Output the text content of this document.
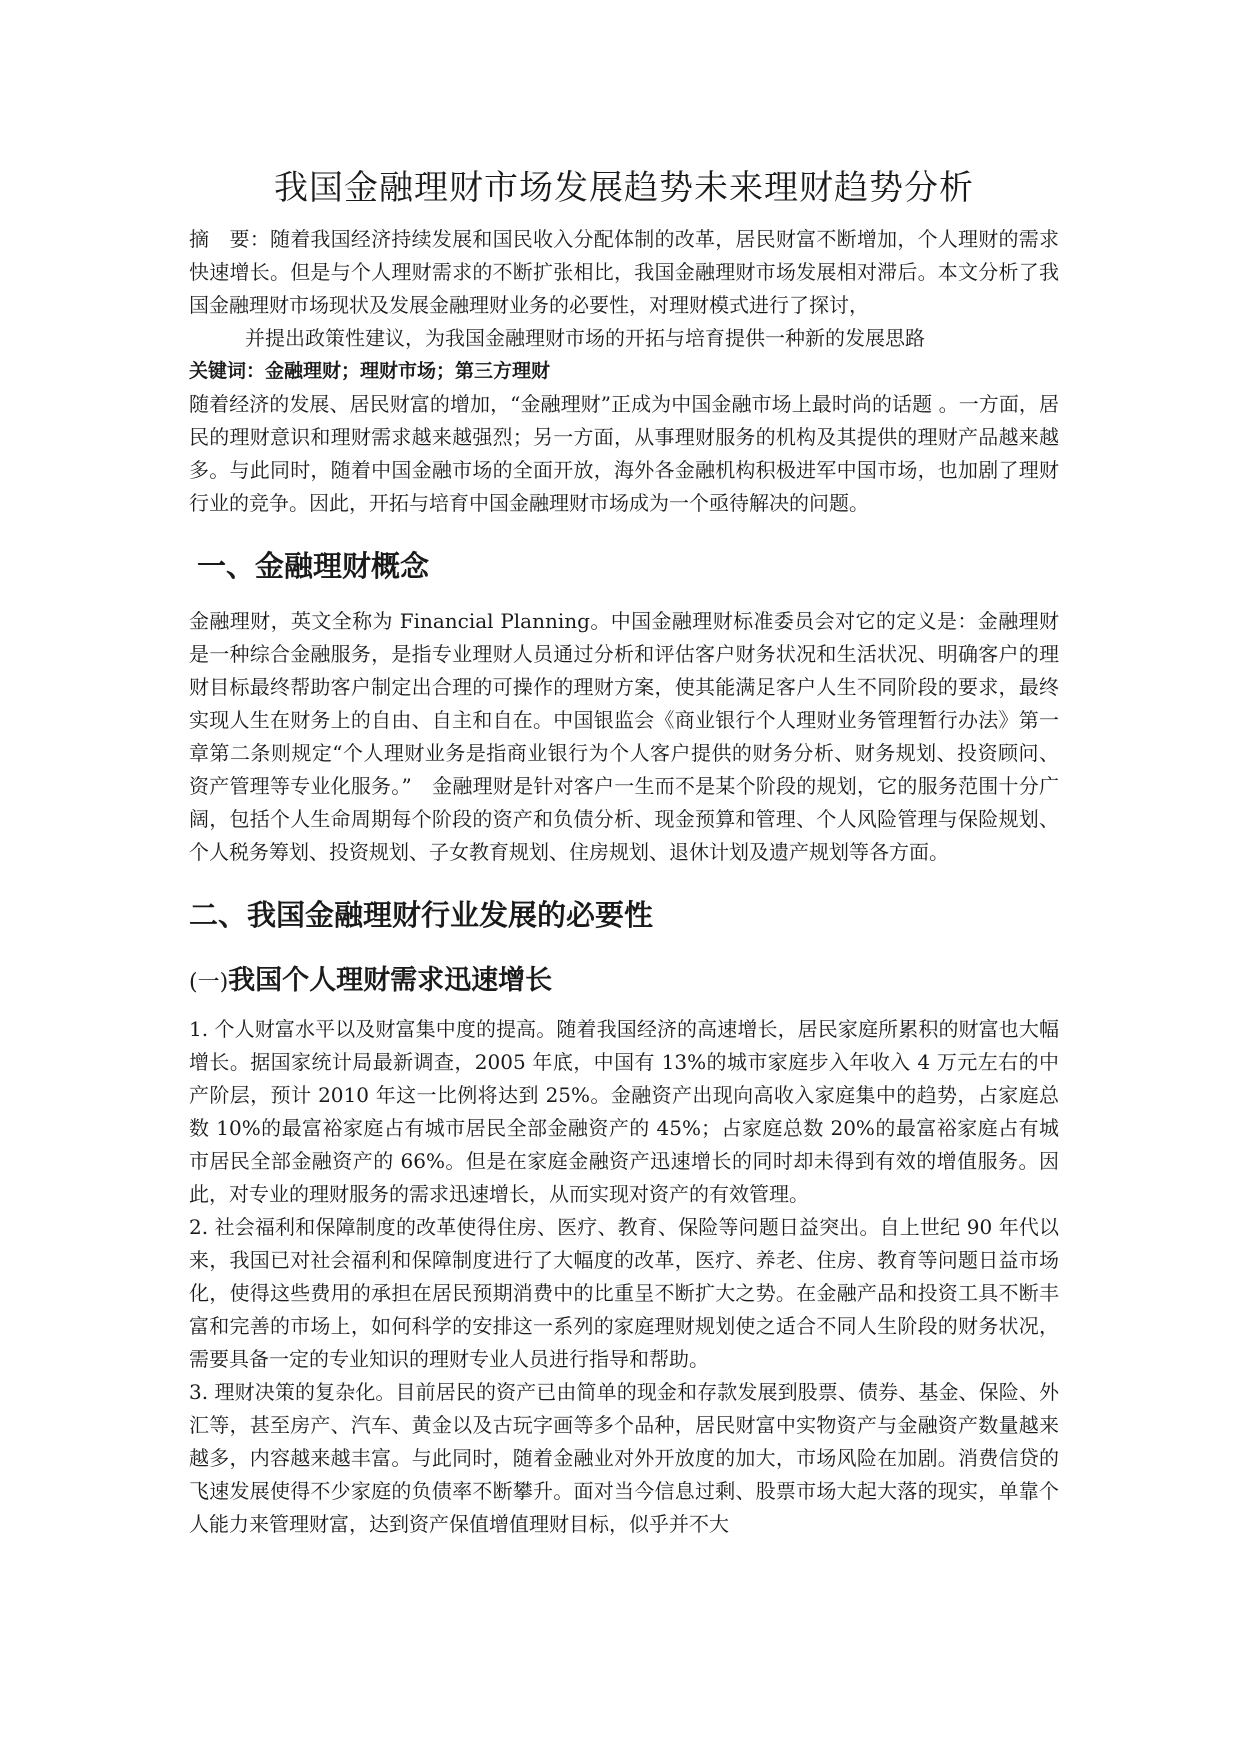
我国金融理财市场发展趋势未来理财趋势分析

摘　要：随着我国经济持续发展和国民收入分配体制的改革，居民财富不断增加，个人理财的需求快速增长。但是与个人理财需求的不断扩张相比，我国金融理财市场发展相对滞后。本文分析了我国金融理财市场现状及发展金融理财业务的必要性，对理财模式进行了探讨，

并提出政策性建议，为我国金融理财市场的开拓与培育提供一种新的发展思路

关键词：金融理财；理财市场；第三方理财

随着经济的发展、居民财富的增加，“金融理财”正成为中国金融市场上最时尚的话题 。一方面，居民的理财意识和理财需求越来越强烈；另一方面，从事理财服务的机构及其提供的理财产品越来越多。与此同时，随着中国金融市场的全面开放，海外各金融机构积极进军中国市场，也加剧了理财行业的竞争。因此，开拓与培育中国金融理财市场成为一个亟待解决的问题。

一、金融理财概念

金融理财，英文全称为 Financial Planning。中国金融理财标准委员会对它的定义是：金融理财是一种综合金融服务，是指专业理财人员通过分析和评估客户财务状况和生活状况、明确客户的理财目标最终帮助客户制定出合理的可操作的理财方案，使其能满足客户人生不同阶段的要求，最终实现人生在财务上的自由、自主和自在。中国银监会《商业银行个人理财业务管理暂行办法》第一章第二条则规定“个人理财业务是指商业银行为个人客户提供的财务分析、财务规划、投资顾问、资产管理等专业化服务。”　金融理财是针对客户一生而不是某个阶段的规划，它的服务范围十分广阔，包括个人生命周期每个阶段的资产和负债分析、现金预算和管理、个人风险管理与保险规划、个人税务筹划、投资规划、子女教育规划、住房规划、退休计划及遗产规划等各方面。

二、我国金融理财行业发展的必要性
(一)我国个人理财需求迅速增长

1. 个人财富水平以及财富集中度的提高。随着我国经济的高速增长，居民家庭所累积的财富也大幅增长。据国家统计局最新调查，2005 年底，中国有 13%的城市家庭步入年收入 4 万元左右的中产阶层，预计 2010 年这一比例将达到 25%。金融资产出现向高收入家庭集中的趋势，占家庭总数 10%的最富裕家庭占有城市居民全部金融资产的 45%；占家庭总数 20%的最富裕家庭占有城市居民全部金融资产的 66%。但是在家庭金融资产迅速增长的同时却未得到有效的增值服务。因此，对专业的理财服务的需求迅速增长，从而实现对资产的有效管理。

2. 社会福利和保障制度的改革使得住房、医疗、教育、保险等问题日益突出。自上世纪 90 年代以来，我国已对社会福利和保障制度进行了大幅度的改革，医疗、养老、住房、教育等问题日益市场化，使得这些费用的承担在居民预期消费中的比重呈不断扩大之势。在金融产品和投资工具不断丰富和完善的市场上，如何科学的安排这一系列的家庭理财规划使之适合不同人生阶段的财务状况，需要具备一定的专业知识的理财专业人员进行指导和帮助。

3. 理财决策的复杂化。目前居民的资产已由简单的现金和存款发展到股票、债券、基金、保险、外汇等，甚至房产、汽车、黄金以及古玩字画等多个品种，居民财富中实物资产与金融资产数量越来越多，内容越来越丰富。与此同时，随着金融业对外开放度的加大，市场风险在加剧。消费信贷的飞速发展使得不少家庭的负债率不断攀升。面对当今信息过剩、股票市场大起大落的现实，单靠个人能力来管理财富，达到资产保值增值理财目标，似乎并不大
